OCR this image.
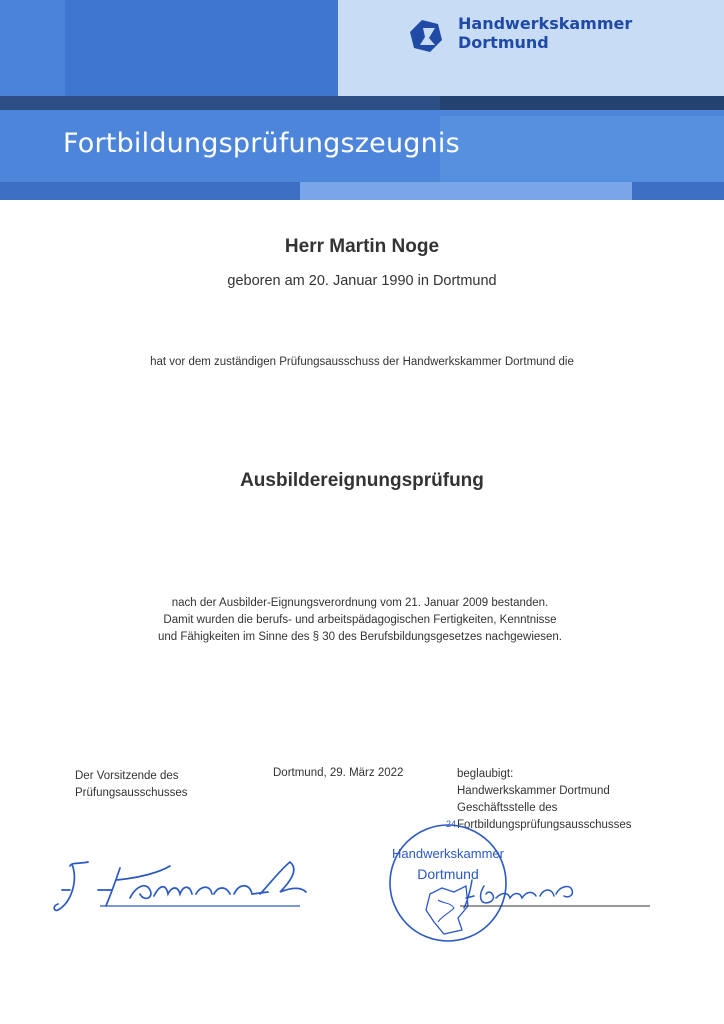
Handwerkskammer
Dortmund
Fortbildungsprüfungszeugnis
Herr Martin Noge
geboren am 20. Januar 1990 in Dortmund
hat vor dem zuständigen Prüfungsausschuss der Handwerkskammer Dortmund die
Ausbildereignungsprüfung
nach der Ausbilder-Eignungsverordnung vom 21. Januar 2009 bestanden.
Damit wurden die berufs- und arbeitspädagogischen Fertigkeiten, Kenntnisse
und Fähigkeiten im Sinne des § 30 des Berufsbildungsgesetzes nachgewiesen.
Der Vorsitzende des
Prüfungsausschusses
Dortmund, 29. März 2022	beglaubigt:
Handwerkskammer Dortmund
Geschäftsstelle des
Fortbildungsprüfungsausschusses
24
Handwerkskammer
Dortmund
